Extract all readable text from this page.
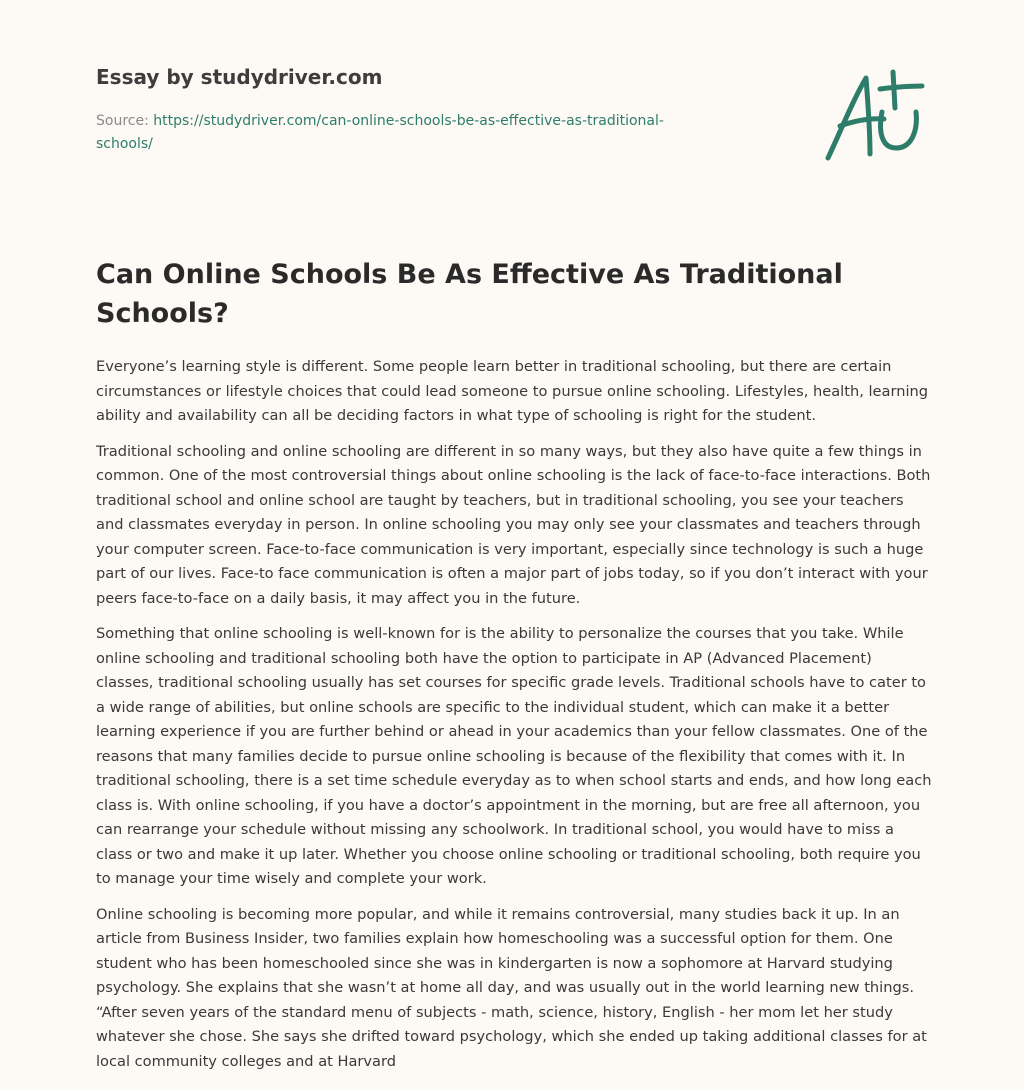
Essay by studydriver.com
Source: https://studydriver.com/can-online-schools-be-as-effective-as-traditional-schools/
Can Online Schools Be As Effective As Traditional Schools?

Everyone’s learning style is different. Some people learn better in traditional schooling, but there are certain circumstances or lifestyle choices that could lead someone to pursue online schooling. Lifestyles, health, learning ability and availability can all be deciding factors in what type of schooling is right for the student.

Traditional schooling and online schooling are different in so many ways, but they also have quite a few things in common. One of the most controversial things about online schooling is the lack of face-to-face interactions. Both traditional school and online school are taught by teachers, but in traditional schooling, you see your teachers and classmates everyday in person. In online schooling you may only see your classmates and teachers through your computer screen. Face-to-face communication is very important, especially since technology is such a huge part of our lives. Face-to face communication is often a major part of jobs today, so if you don’t interact with your peers face-to-face on a daily basis, it may affect you in the future.

Something that online schooling is well-known for is the ability to personalize the courses that you take. While online schooling and traditional schooling both have the option to participate in AP (Advanced Placement) classes, traditional schooling usually has set courses for specific grade levels. Traditional schools have to cater to a wide range of abilities, but online schools are specific to the individual student, which can make it a better learning experience if you are further behind or ahead in your academics than your fellow classmates. One of the reasons that many families decide to pursue online schooling is because of the flexibility that comes with it. In traditional schooling, there is a set time schedule everyday as to when school starts and ends, and how long each class is. With online schooling, if you have a doctor’s appointment in the morning, but are free all afternoon, you can rearrange your schedule without missing any schoolwork. In traditional school, you would have to miss a class or two and make it up later. Whether you choose online schooling or traditional schooling, both require you to manage your time wisely and complete your work.

Online schooling is becoming more popular, and while it remains controversial, many studies back it up. In an article from Business Insider, two families explain how homeschooling was a successful option for them. One student who has been homeschooled since she was in kindergarten is now a sophomore at Harvard studying psychology. She explains that she wasn’t at home all day, and was usually out in the world learning new things. “After seven years of the standard menu of subjects - math, science, history, English - her mom let her study whatever she chose. She says she drifted toward psychology, which she ended up taking additional classes for at local community colleges and at Harvard
